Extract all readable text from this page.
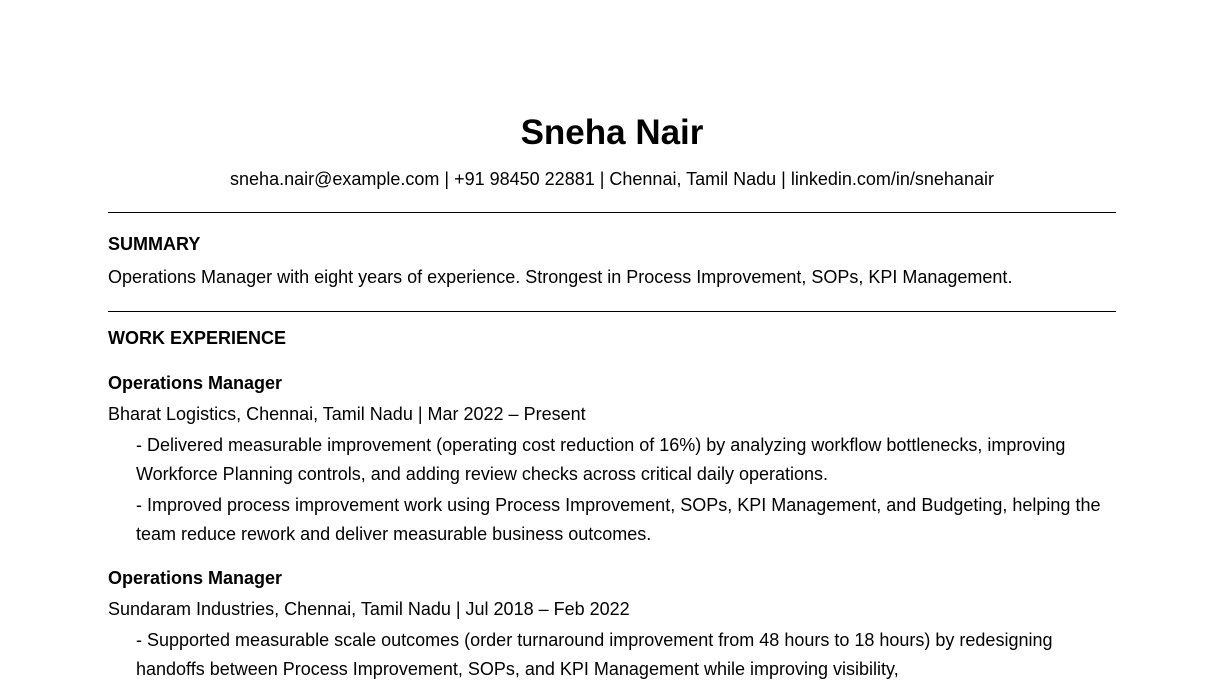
Sneha Nair
sneha.nair@example.com | +91 98450 22881 | Chennai, Tamil Nadu | linkedin.com/in/snehanair
SUMMARY
Operations Manager with eight years of experience. Strongest in Process Improvement, SOPs, KPI Management.
WORK EXPERIENCE
Operations Manager
Bharat Logistics, Chennai, Tamil Nadu | Mar 2022 – Present
- Delivered measurable improvement (operating cost reduction of 16%) by analyzing workflow bottlenecks, improving Workforce Planning controls, and adding review checks across critical daily operations.
- Improved process improvement work using Process Improvement, SOPs, KPI Management, and Budgeting, helping the team reduce rework and deliver measurable business outcomes.
Operations Manager
Sundaram Industries, Chennai, Tamil Nadu | Jul 2018 – Feb 2022
- Supported measurable scale outcomes (order turnaround improvement from 48 hours to 18 hours) by redesigning handoffs between Process Improvement, SOPs, and KPI Management while improving visibility,
